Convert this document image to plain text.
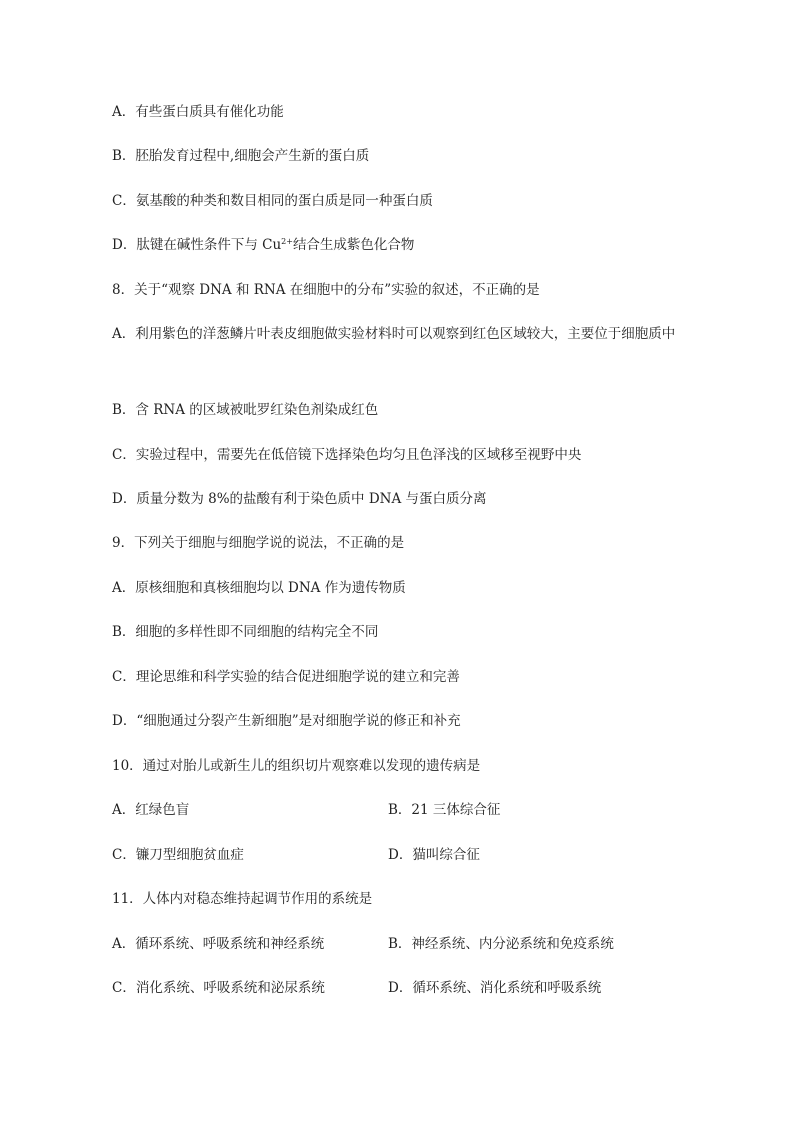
A．有些蛋白质具有催化功能
B．胚胎发育过程中,细胞会产生新的蛋白质
C．氨基酸的种类和数目相同的蛋白质是同一种蛋白质
D．肽键在碱性条件下与 $Cu^{2+}$结合生成紫色化合物
8．关于“观察 DNA 和 RNA 在细胞中的分布”实验的叙述，不正确的是
A．利用紫色的洋葱鳞片叶表皮细胞做实验材料时可以观察到红色区域较大，主要位于细胞质中
B．含 RNA 的区域被吡罗红染色剂染成红色
C．实验过程中，需要先在低倍镜下选择染色均匀且色泽浅的区域移至视野中央
D．质量分数为 8%的盐酸有利于染色质中 DNA 与蛋白质分离
9．下列关于细胞与细胞学说的说法，不正确的是
A．原核细胞和真核细胞均以 DNA 作为遗传物质
B．细胞的多样性即不同细胞的结构完全不同
C．理论思维和科学实验的结合促进细胞学说的建立和完善
D．“细胞通过分裂产生新细胞”是对细胞学说的修正和补充
10．通过对胎儿或新生儿的组织切片观察难以发现的遗传病是
A．红绿色盲	B．21 三体综合征
C．镰刀型细胞贫血症	D．猫叫综合征
11．人体内对稳态维持起调节作用的系统是
A．循环系统、呼吸系统和神经系统	B．神经系统、内分泌系统和免疫系统
C．消化系统、呼吸系统和泌尿系统	D．循环系统、消化系统和呼吸系统
